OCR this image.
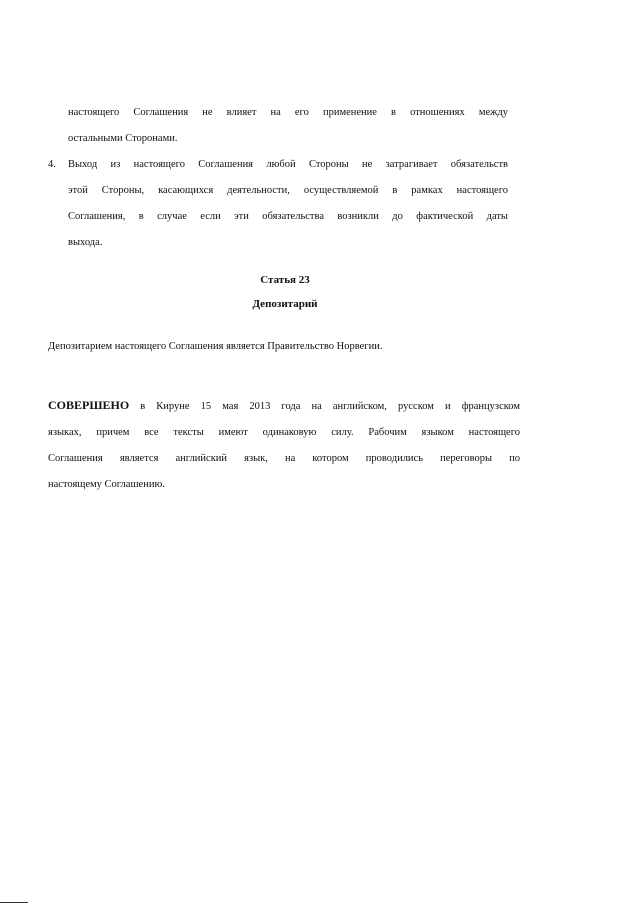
настоящего Соглашения не влияет на его применение в отношениях между
остальными Сторонами.
4. Выход из настоящего Соглашения любой Стороны не затрагивает обязательств
этой Стороны, касающихся деятельности, осуществляемой в рамках настоящего
Соглашения, в случае если эти обязательства возникли до фактической даты
выхода.
Статья 23
Депозитарий
Депозитарием настоящего Соглашения является Правительство Норвегии.
СОВЕРШЕНО в Кируне 15 мая 2013 года на английском, русском и французском
языках, причем все тексты имеют одинаковую силу. Рабочим языком настоящего
Соглашения является английский язык, на котором проводились переговоры по
настоящему Соглашению.
